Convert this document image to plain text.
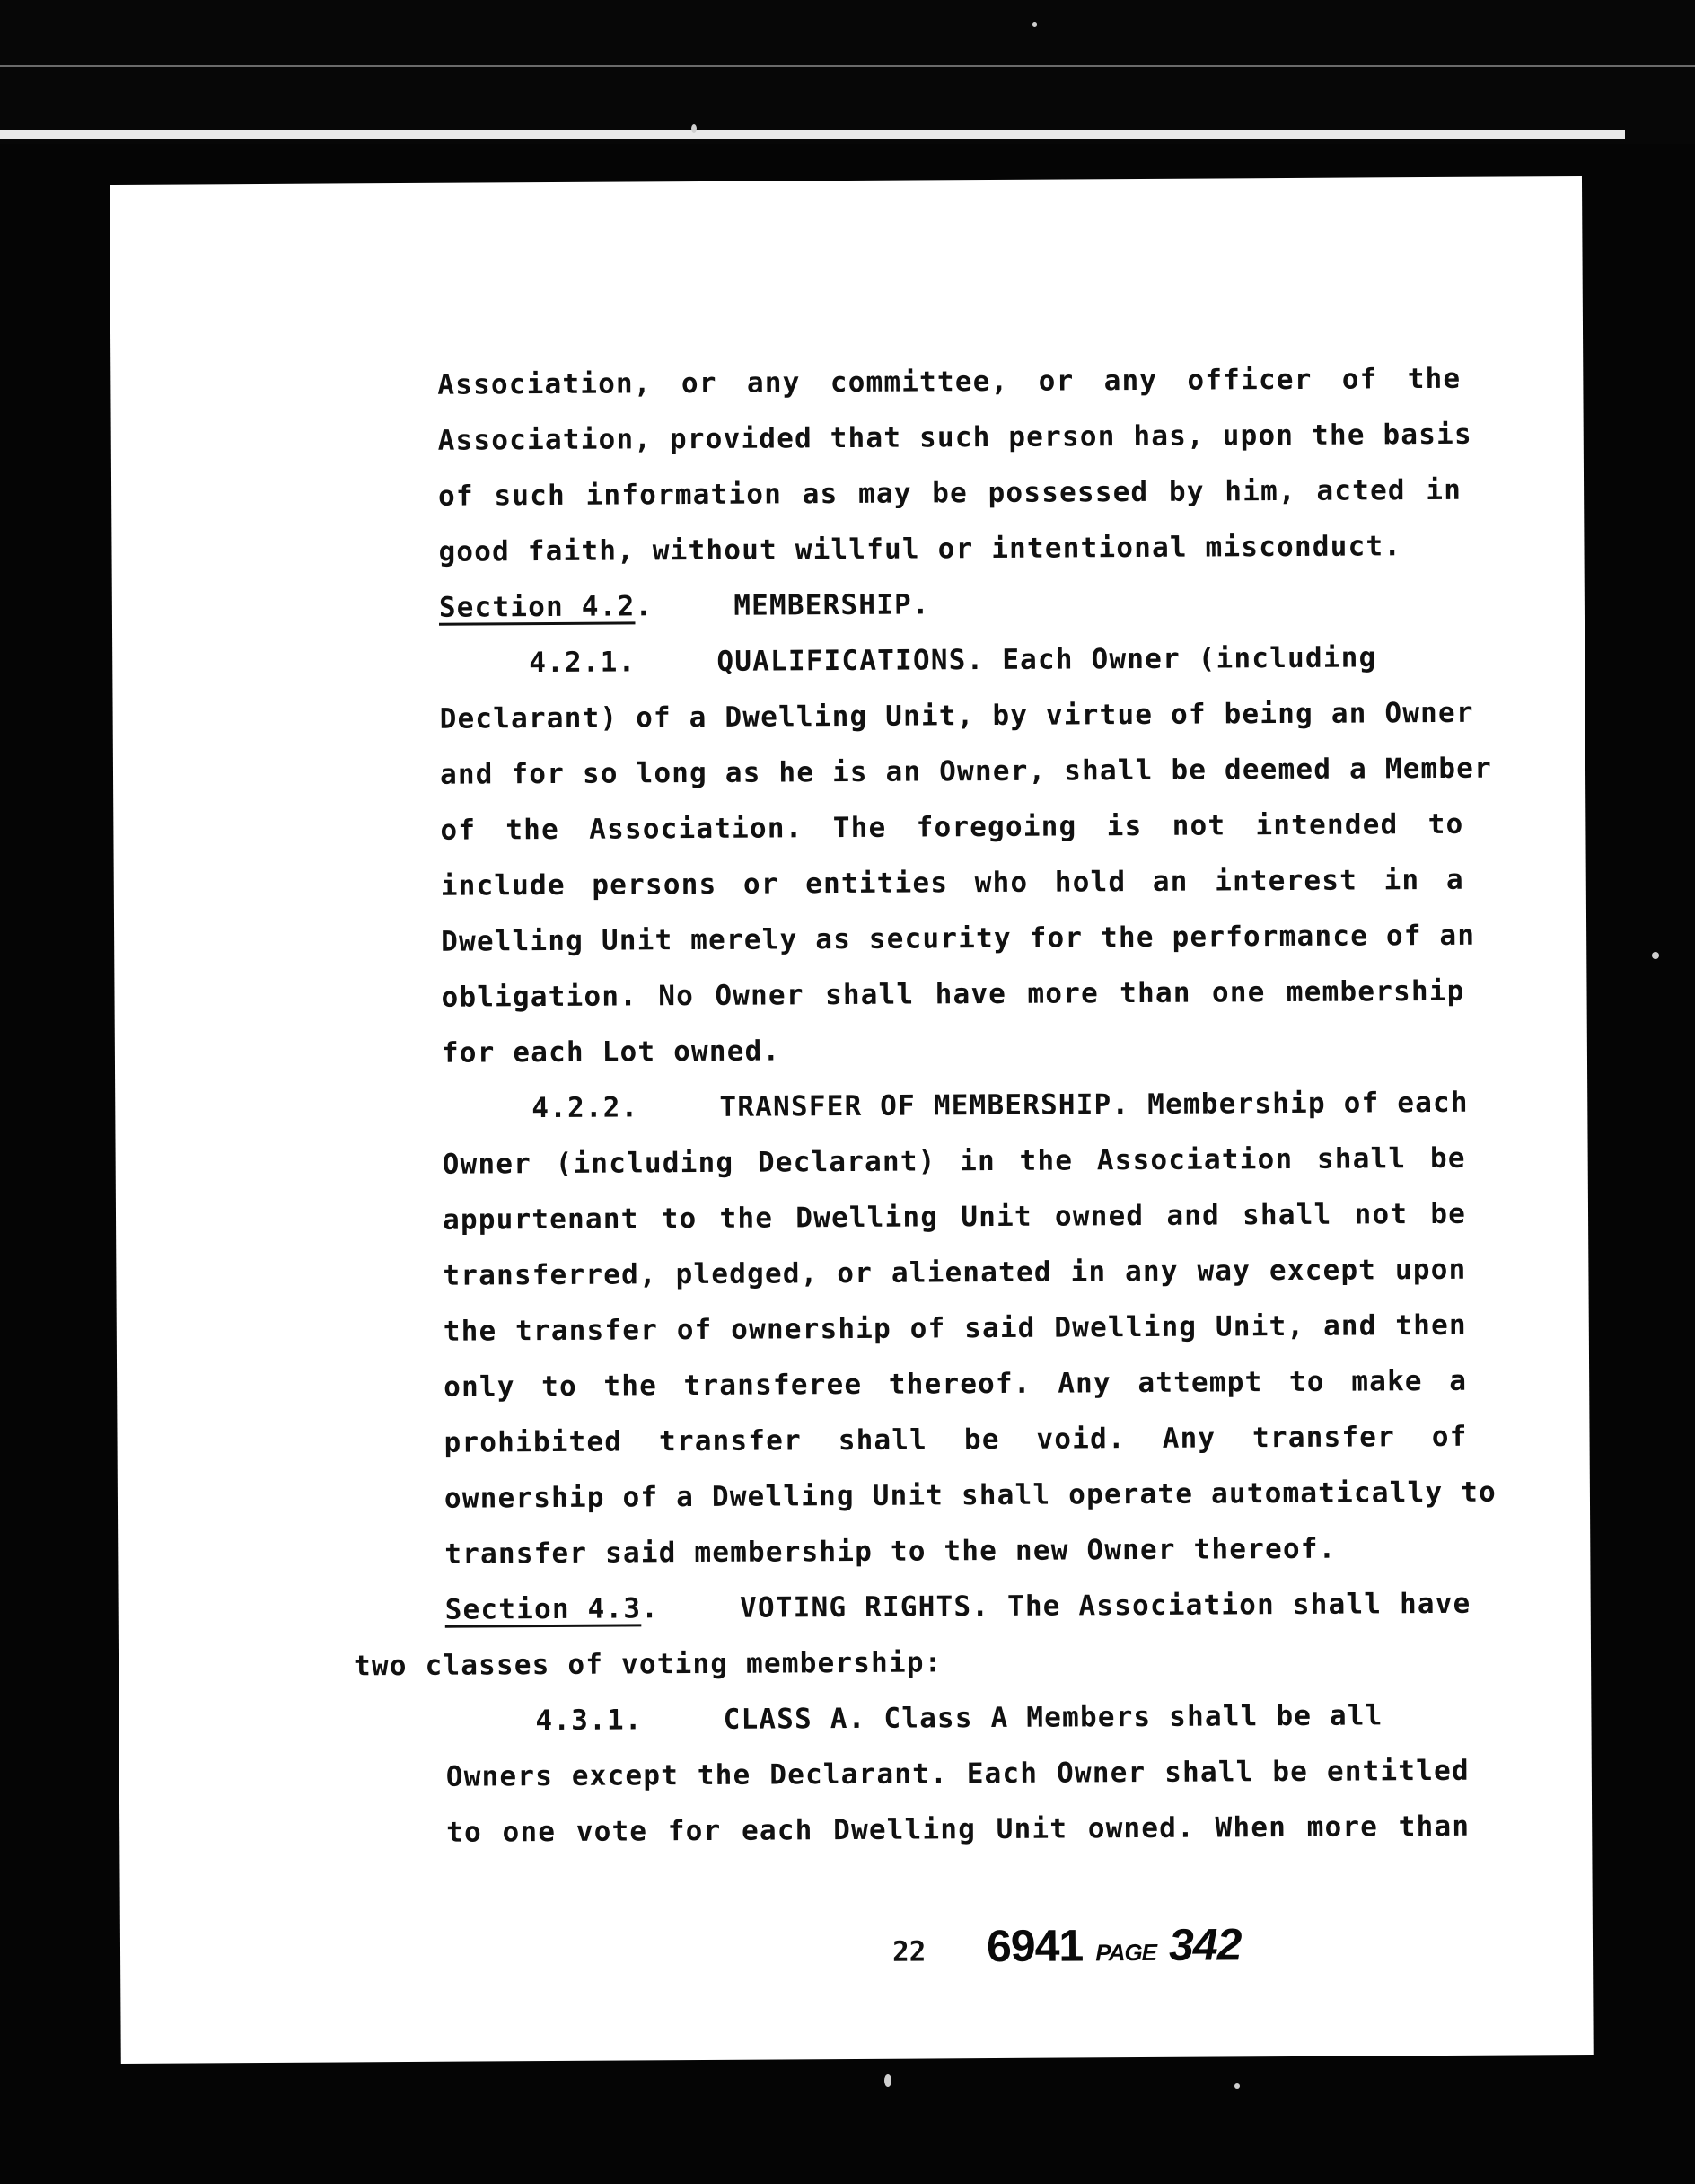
Association, or any committee, or any officer of the
Association, provided that such person has, upon the basis
of such information as may be possessed by him, acted in
good faith, without willful or intentional misconduct.
Section 4.2.	MEMBERSHIP.
4.2.1.	QUALIFICATIONS. Each Owner (including
Declarant) of a Dwelling Unit, by virtue of being an Owner
and for so long as he is an Owner, shall be deemed a Member
of the Association. The foregoing is not intended to
include persons or entities who hold an interest in a
Dwelling Unit merely as security for the performance of an
obligation. No Owner shall have more than one membership
for each Lot owned.
4.2.2.	TRANSFER OF MEMBERSHIP. Membership of each
Owner (including Declarant) in the Association shall be
appurtenant to the Dwelling Unit owned and shall not be
transferred, pledged, or alienated in any way except upon
the transfer of ownership of said Dwelling Unit, and then
only to the transferee thereof. Any attempt to make a
prohibited transfer shall be void. Any transfer of
ownership of a Dwelling Unit shall operate automatically to
transfer said membership to the new Owner thereof.
Section 4.3.	VOTING RIGHTS. The Association shall have
two classes of voting membership:
4.3.1.	CLASS A. Class A Members shall be all
Owners except the Declarant. Each Owner shall be entitled
to one vote for each Dwelling Unit owned. When more than
22 6941 PAGE 342
